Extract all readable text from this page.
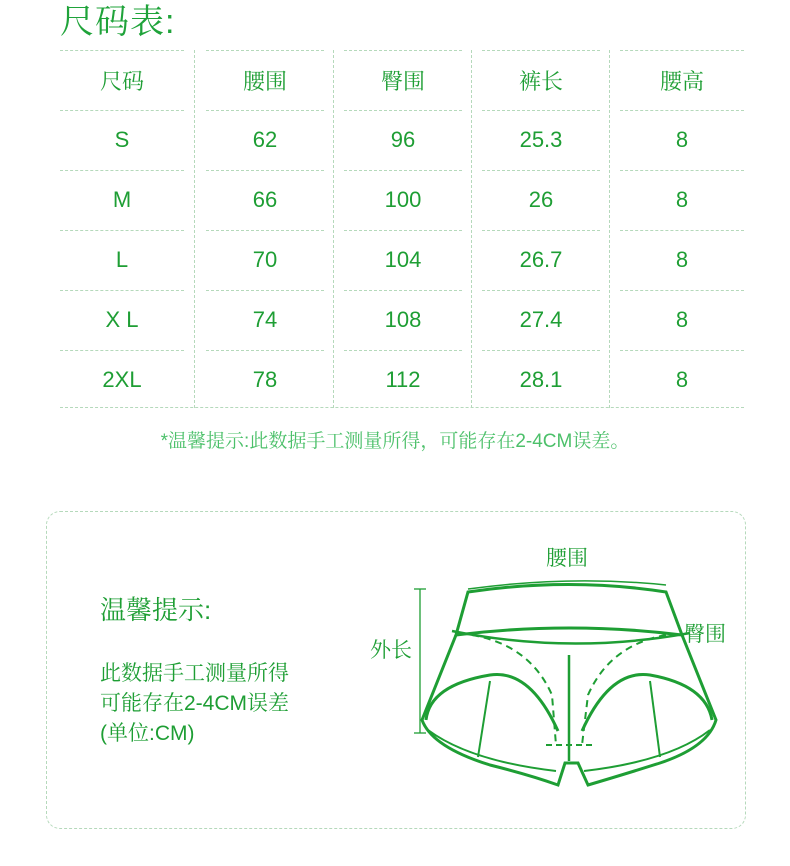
尺码表:
尺码	腰围	臀围	裤长	腰高
S	62	96	25.3	8
M	66	100	26	8
L	70	104	26.7	8
X L	74	108	27.4	8
2XL	78	112	28.1	8
*温馨提示:此数据手工测量所得，可能存在2-4CM误差。
温馨提示:
此数据手工测量所得
可能存在2-4CM误差
(单位:CM)
腰围
外长
臀围
